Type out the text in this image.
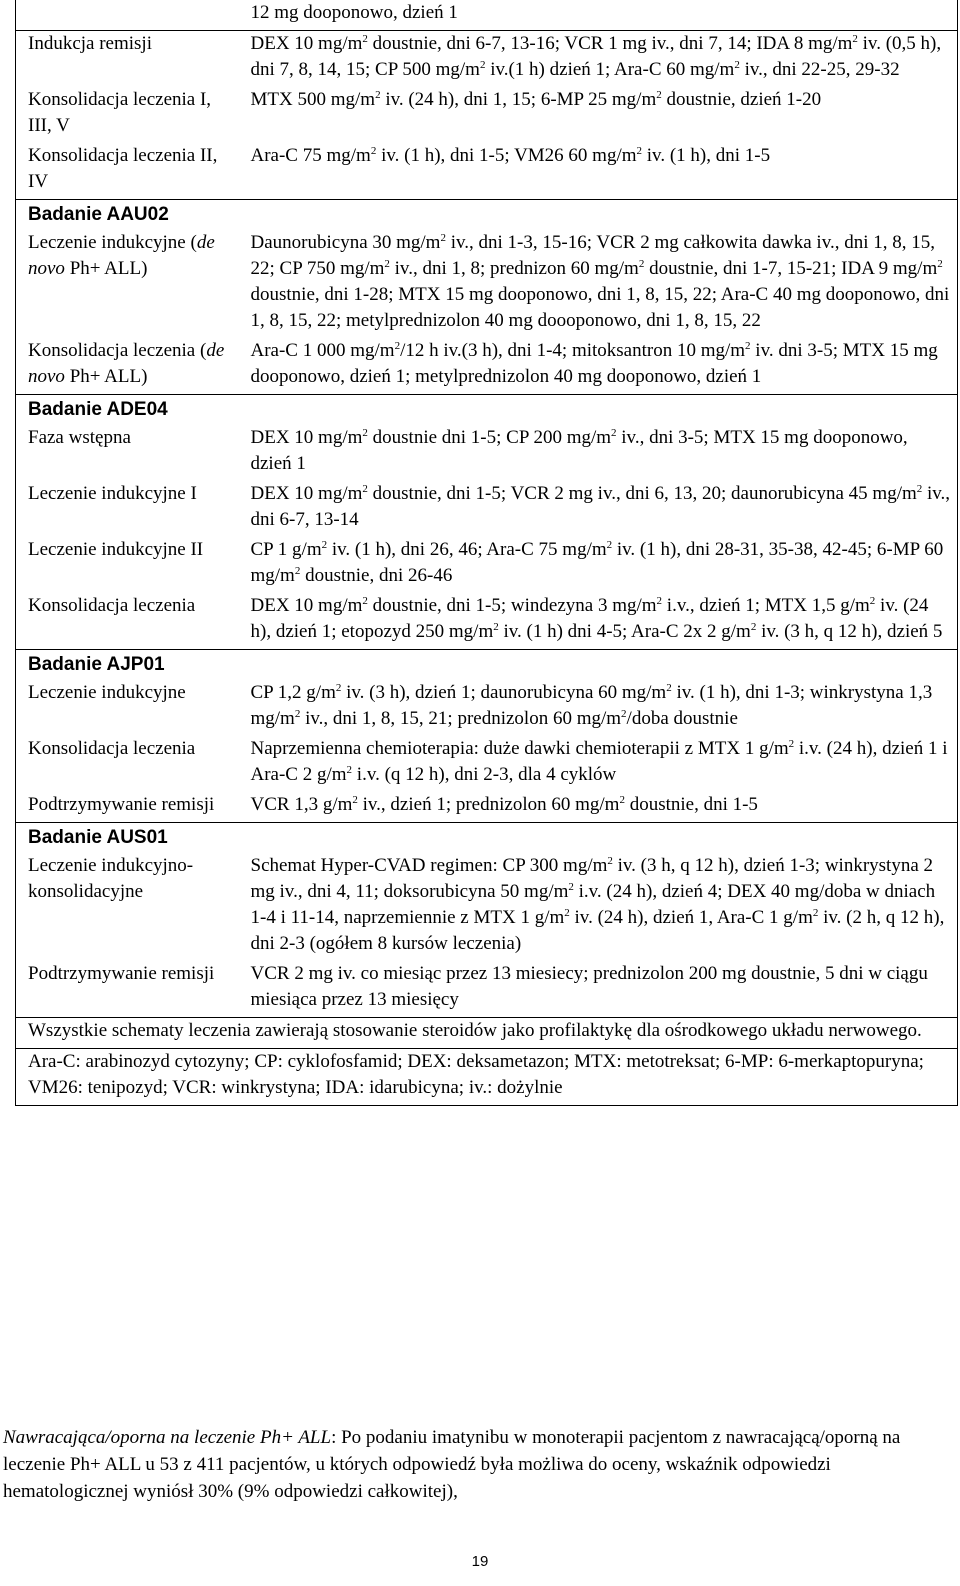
	12 mg dooponowo, dzień 1
Indukcja remisji	DEX 10 $mg/m^2$ doustnie, dni 6-7, 13-16; VCR 1 mg iv., dni 7, 14; IDA 8 $mg/m^2$ iv. (0,5 h), dni 7, 8, 14, 15; CP 500 $mg/m^2$ iv.(1 h) dzień 1; Ara-C 60 $mg/m^2$ iv., dni 22-25, 29-32
Konsolidacja leczenia I, III, V	MTX 500 $mg/m^2$ iv. (24 h), dni 1, 15; 6-MP 25 $mg/m^2$ doustnie, dzień 1-20
Konsolidacja leczenia II, IV	Ara-C 75 $mg/m^2$ iv. (1 h), dni 1-5; VM26 60 $mg/m^2$ iv. (1 h), dni 1-5
Badanie AAU02	
Leczenie indukcyjne (de novo Ph+ ALL)	Daunorubicyna 30 $mg/m^2$ iv., dni 1-3, 15-16; VCR 2 mg całkowita dawka iv., dni 1, 8, 15, 22; CP 750 $mg/m^2$ iv., dni 1, 8; prednizon 60 $mg/m^2$ doustnie, dni 1-7, 15-21; IDA 9 $mg/m^2$ doustnie, dni 1-28; MTX 15 mg dooponowo, dni 1, 8, 15, 22; Ara-C 40 mg dooponowo, dni 1, 8, 15, 22; metylprednizolon 40 mg doooponowo, dni 1, 8, 15, 22
Konsolidacja leczenia (de novo Ph+ ALL)	Ara-C 1 000 $mg/m^2/12$ h iv.(3 h), dni 1-4; mitoksantron 10 $mg/m^2$ iv. dni 3-5; MTX 15 mg dooponowo, dzień 1; metylprednizolon 40 mg dooponowo, dzień 1
Badanie ADE04	
Faza wstępna	DEX 10 $mg/m^2$ doustnie dni 1-5; CP 200 $mg/m^2$ iv., dni 3-5; MTX 15 mg dooponowo, dzień 1
Leczenie indukcyjne I	DEX 10 $mg/m^2$ doustnie, dni 1-5; VCR 2 mg iv., dni 6, 13, 20; daunorubicyna 45 $mg/m^2$ iv., dni 6-7, 13-14
Leczenie indukcyjne II	CP 1 $g/m^2$ iv. (1 h), dni 26, 46; Ara-C 75 $mg/m^2$ iv. (1 h), dni 28-31, 35-38, 42-45; 6-MP 60 $mg/m^2$ doustnie, dni 26-46
Konsolidacja leczenia	DEX 10 $mg/m^2$ doustnie, dni 1-5; windezyna 3 $mg/m^2$ i.v., dzień 1; MTX 1,5 $g/m^2$ iv. (24 h), dzień 1; etopozyd 250 $mg/m^2$ iv. (1 h) dni 4-5; Ara-C 2x 2 $g/m^2$ iv. (3 h, q 12 h), dzień 5
Badanie AJP01	
Leczenie indukcyjne	CP 1,2 $g/m^2$ iv. (3 h), dzień 1; daunorubicyna 60 $mg/m^2$ iv. (1 h), dni 1-3; winkrystyna 1,3 $mg/m^2$ iv., dni 1, 8, 15, 21; prednizolon 60 $mg/m^2$/doba doustnie
Konsolidacja leczenia	Naprzemienna chemioterapia: duże dawki chemioterapii z MTX 1 $g/m^2$ i.v. (24 h), dzień 1 i Ara-C 2 $g/m^2$ i.v. (q 12 h), dni 2-3, dla 4 cyklów
Podtrzymywanie remisji	VCR 1,3 $g/m^2$ iv., dzień 1; prednizolon 60 $mg/m^2$ doustnie, dni 1-5
Badanie AUS01	
Leczenie indukcyjno-konsolidacyjne	Schemat Hyper-CVAD regimen: CP 300 $mg/m^2$ iv. (3 h, q 12 h), dzień 1-3; winkrystyna 2 mg iv., dni 4, 11; doksorubicyna 50 $mg/m^2$ i.v. (24 h), dzień 4; DEX 40 mg/doba w dniach 1-4 i 11-14, naprzemiennie z MTX 1 $g/m^2$ iv. (24 h), dzień 1, Ara-C 1 $g/m^2$ iv. (2 h, q 12 h), dni 2-3 (ogółem 8 kursów leczenia)
Podtrzymywanie remisji	VCR 2 mg iv. co miesiąc przez 13 miesiecy; prednizolon 200 mg doustnie, 5 dni w ciągu miesiąca przez 13 miesięcy
Wszystkie schematy leczenia zawierają stosowanie steroidów jako profilaktykę dla ośrodkowego układu nerwowego.	
Ara-C: arabinozyd cytozyny; CP: cyklofosfamid; DEX: deksametazon; MTX: metotreksat; 6-MP: 6-merkaptopuryna; VM26: tenipozyd; VCR: winkrystyna; IDA: idarubicyna; iv.: dożylnie	
Nawracająca/oporna na leczenie Ph+ ALL: Po podaniu imatynibu w monoterapii pacjentom z nawracającą/oporną na leczenie Ph+ ALL u 53 z 411 pacjentów, u których odpowiedź była możliwa do oceny, wskaźnik odpowiedzi hematologicznej wyniósł 30% (9% odpowiedzi całkowitej),
19
